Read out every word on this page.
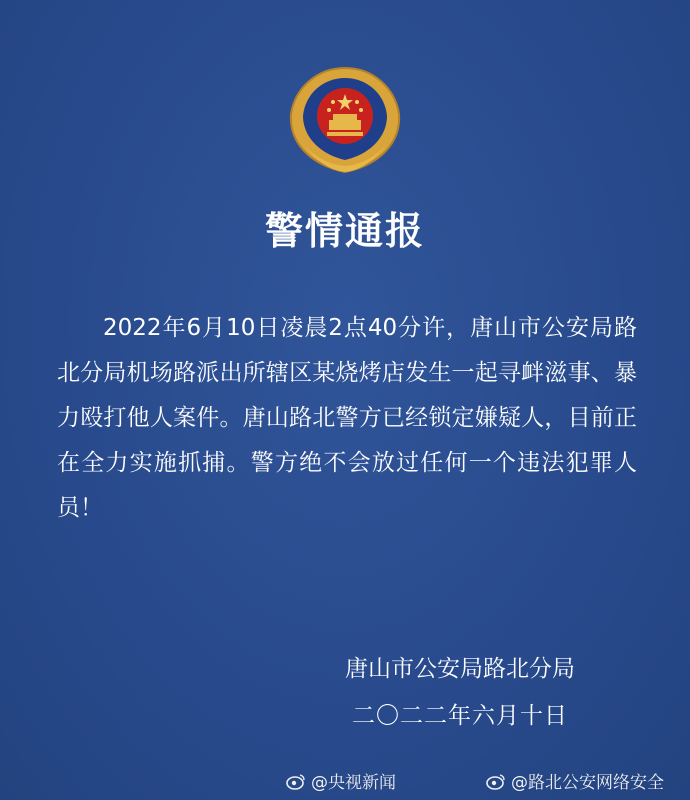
警情通报
2022年6月10日凌晨2点40分许，唐山市公安局路北分局机场路派出所辖区某烧烤店发生一起寻衅滋事、暴力殴打他人案件。唐山路北警方已经锁定嫌疑人，目前正在全力实施抓捕。警方绝不会放过任何一个违法犯罪人员！
唐山市公安局路北分局
二〇二二年六月十日
@央视新闻	@路北公安网络安全
